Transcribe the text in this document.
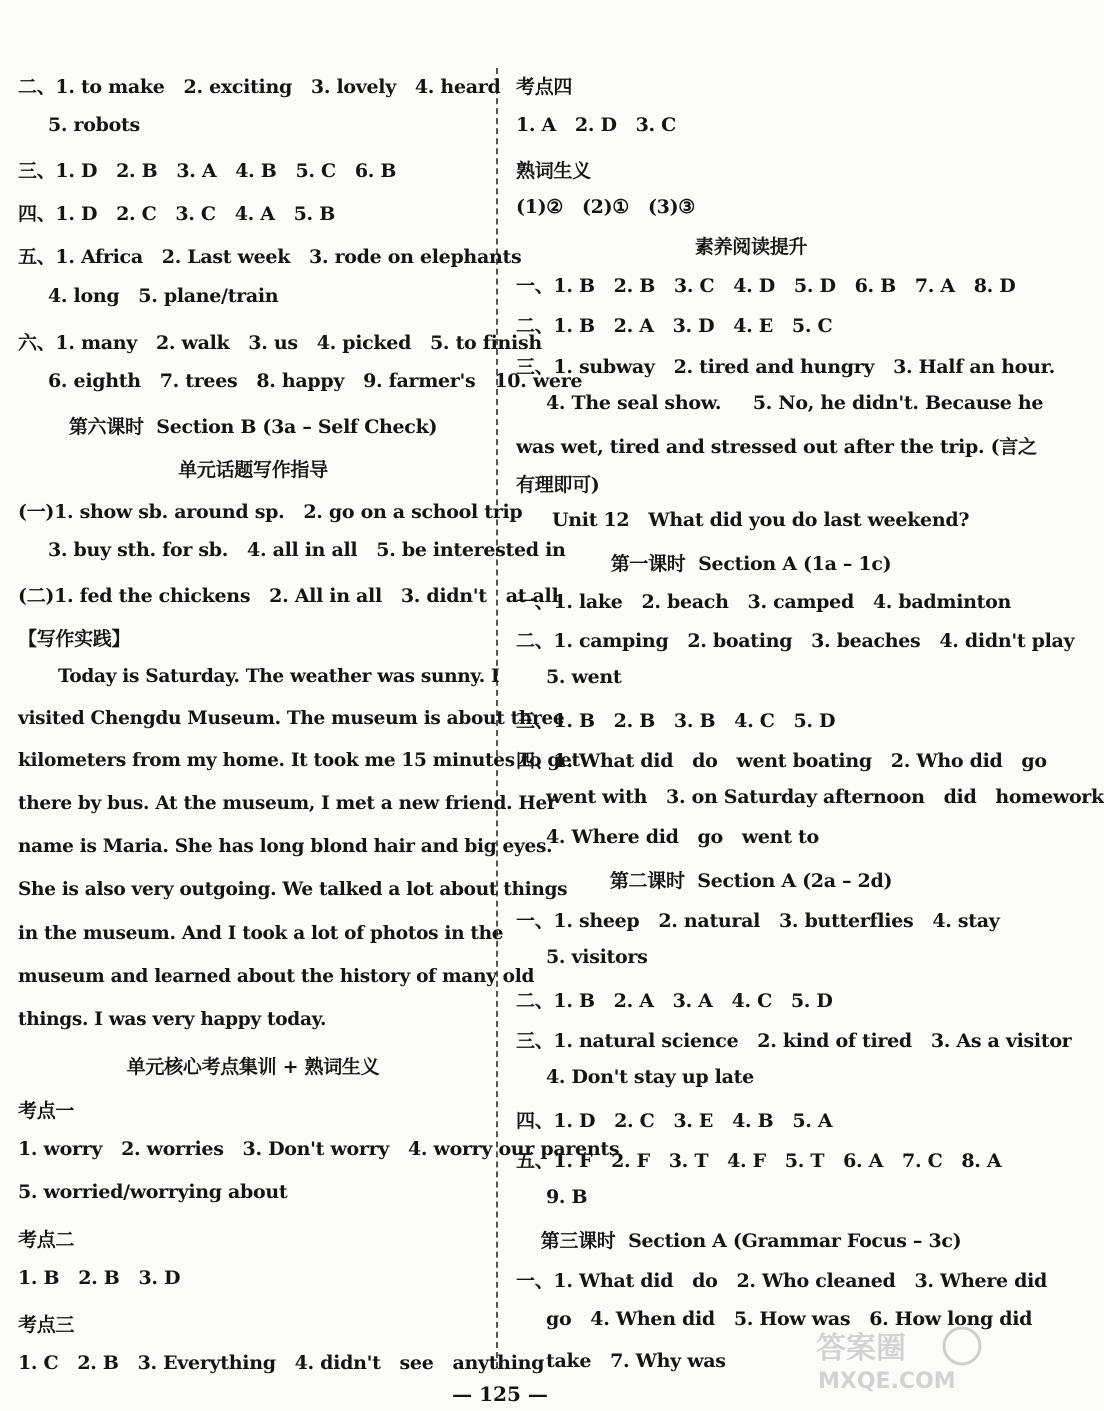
二、1. to make   2. exciting   3. lovely   4. heard
5. robots
三、1. D   2. B   3. A   4. B   5. C   6. B
四、1. D   2. C   3. C   4. A   5. B
五、1. Africa   2. Last week   3. rode on elephants
4. long   5. plane/train
六、1. many   2. walk   3. us   4. picked   5. to finish
6. eighth   7. trees   8. happy   9. farmer's   10. were
第六课时  Section B (3a – Self Check)
单元话题写作指导
(一)1. show sb. around sp.   2. go on a school trip
3. buy sth. for sb.   4. all in all   5. be interested in
(二)1. fed the chickens   2. All in all   3. didn't   at all
【写作实践】
Today is Saturday. The weather was sunny. I
visited Chengdu Museum. The museum is about three
kilometers from my home. It took me 15 minutes to get
there by bus. At the museum, I met a new friend. Her
name is Maria. She has long blond hair and big eyes.
She is also very outgoing. We talked a lot about things
in the museum. And I took a lot of photos in the
museum and learned about the history of many old
things. I was very happy today.
单元核心考点集训 + 熟词生义
考点一
1. worry   2. worries   3. Don't worry   4. worry our parents
5. worried/worrying about
考点二
1. B   2. B   3. D
考点三
1. C   2. B   3. Everything   4. didn't   see   anything
考点四
1. A   2. D   3. C
熟词生义
(1)②   (2)①   (3)③
素养阅读提升
一、1. B   2. B   3. C   4. D   5. D   6. B   7. A   8. D
二、1. B   2. A   3. D   4. E   5. C
三、1. subway   2. tired and hungry   3. Half an hour.
4. The seal show.     5. No, he didn't. Because he
was wet, tired and stressed out after the trip. (言之
有理即可)
Unit 12   What did you do last weekend?
第一课时  Section A (1a – 1c)
一、1. lake   2. beach   3. camped   4. badminton
二、1. camping   2. boating   3. beaches   4. didn't play
5. went
三、1. B   2. B   3. B   4. C   5. D
四、1. What did   do   went boating   2. Who did   go
went with   3. on Saturday afternoon   did   homework
4. Where did   go   went to
第二课时  Section A (2a – 2d)
一、1. sheep   2. natural   3. butterflies   4. stay
5. visitors
二、1. B   2. A   3. A   4. C   5. D
三、1. natural science   2. kind of tired   3. As a visitor
4. Don't stay up late
四、1. D   2. C   3. E   4. B   5. A
五、1. F   2. F   3. T   4. F   5. T   6. A   7. C   8. A
9. B
第三课时  Section A (Grammar Focus – 3c)
一、1. What did   do   2. Who cleaned   3. Where did
go   4. When did   5. How was   6. How long did
take   7. Why was
— 125 —
答案圈
MXQE.COM
